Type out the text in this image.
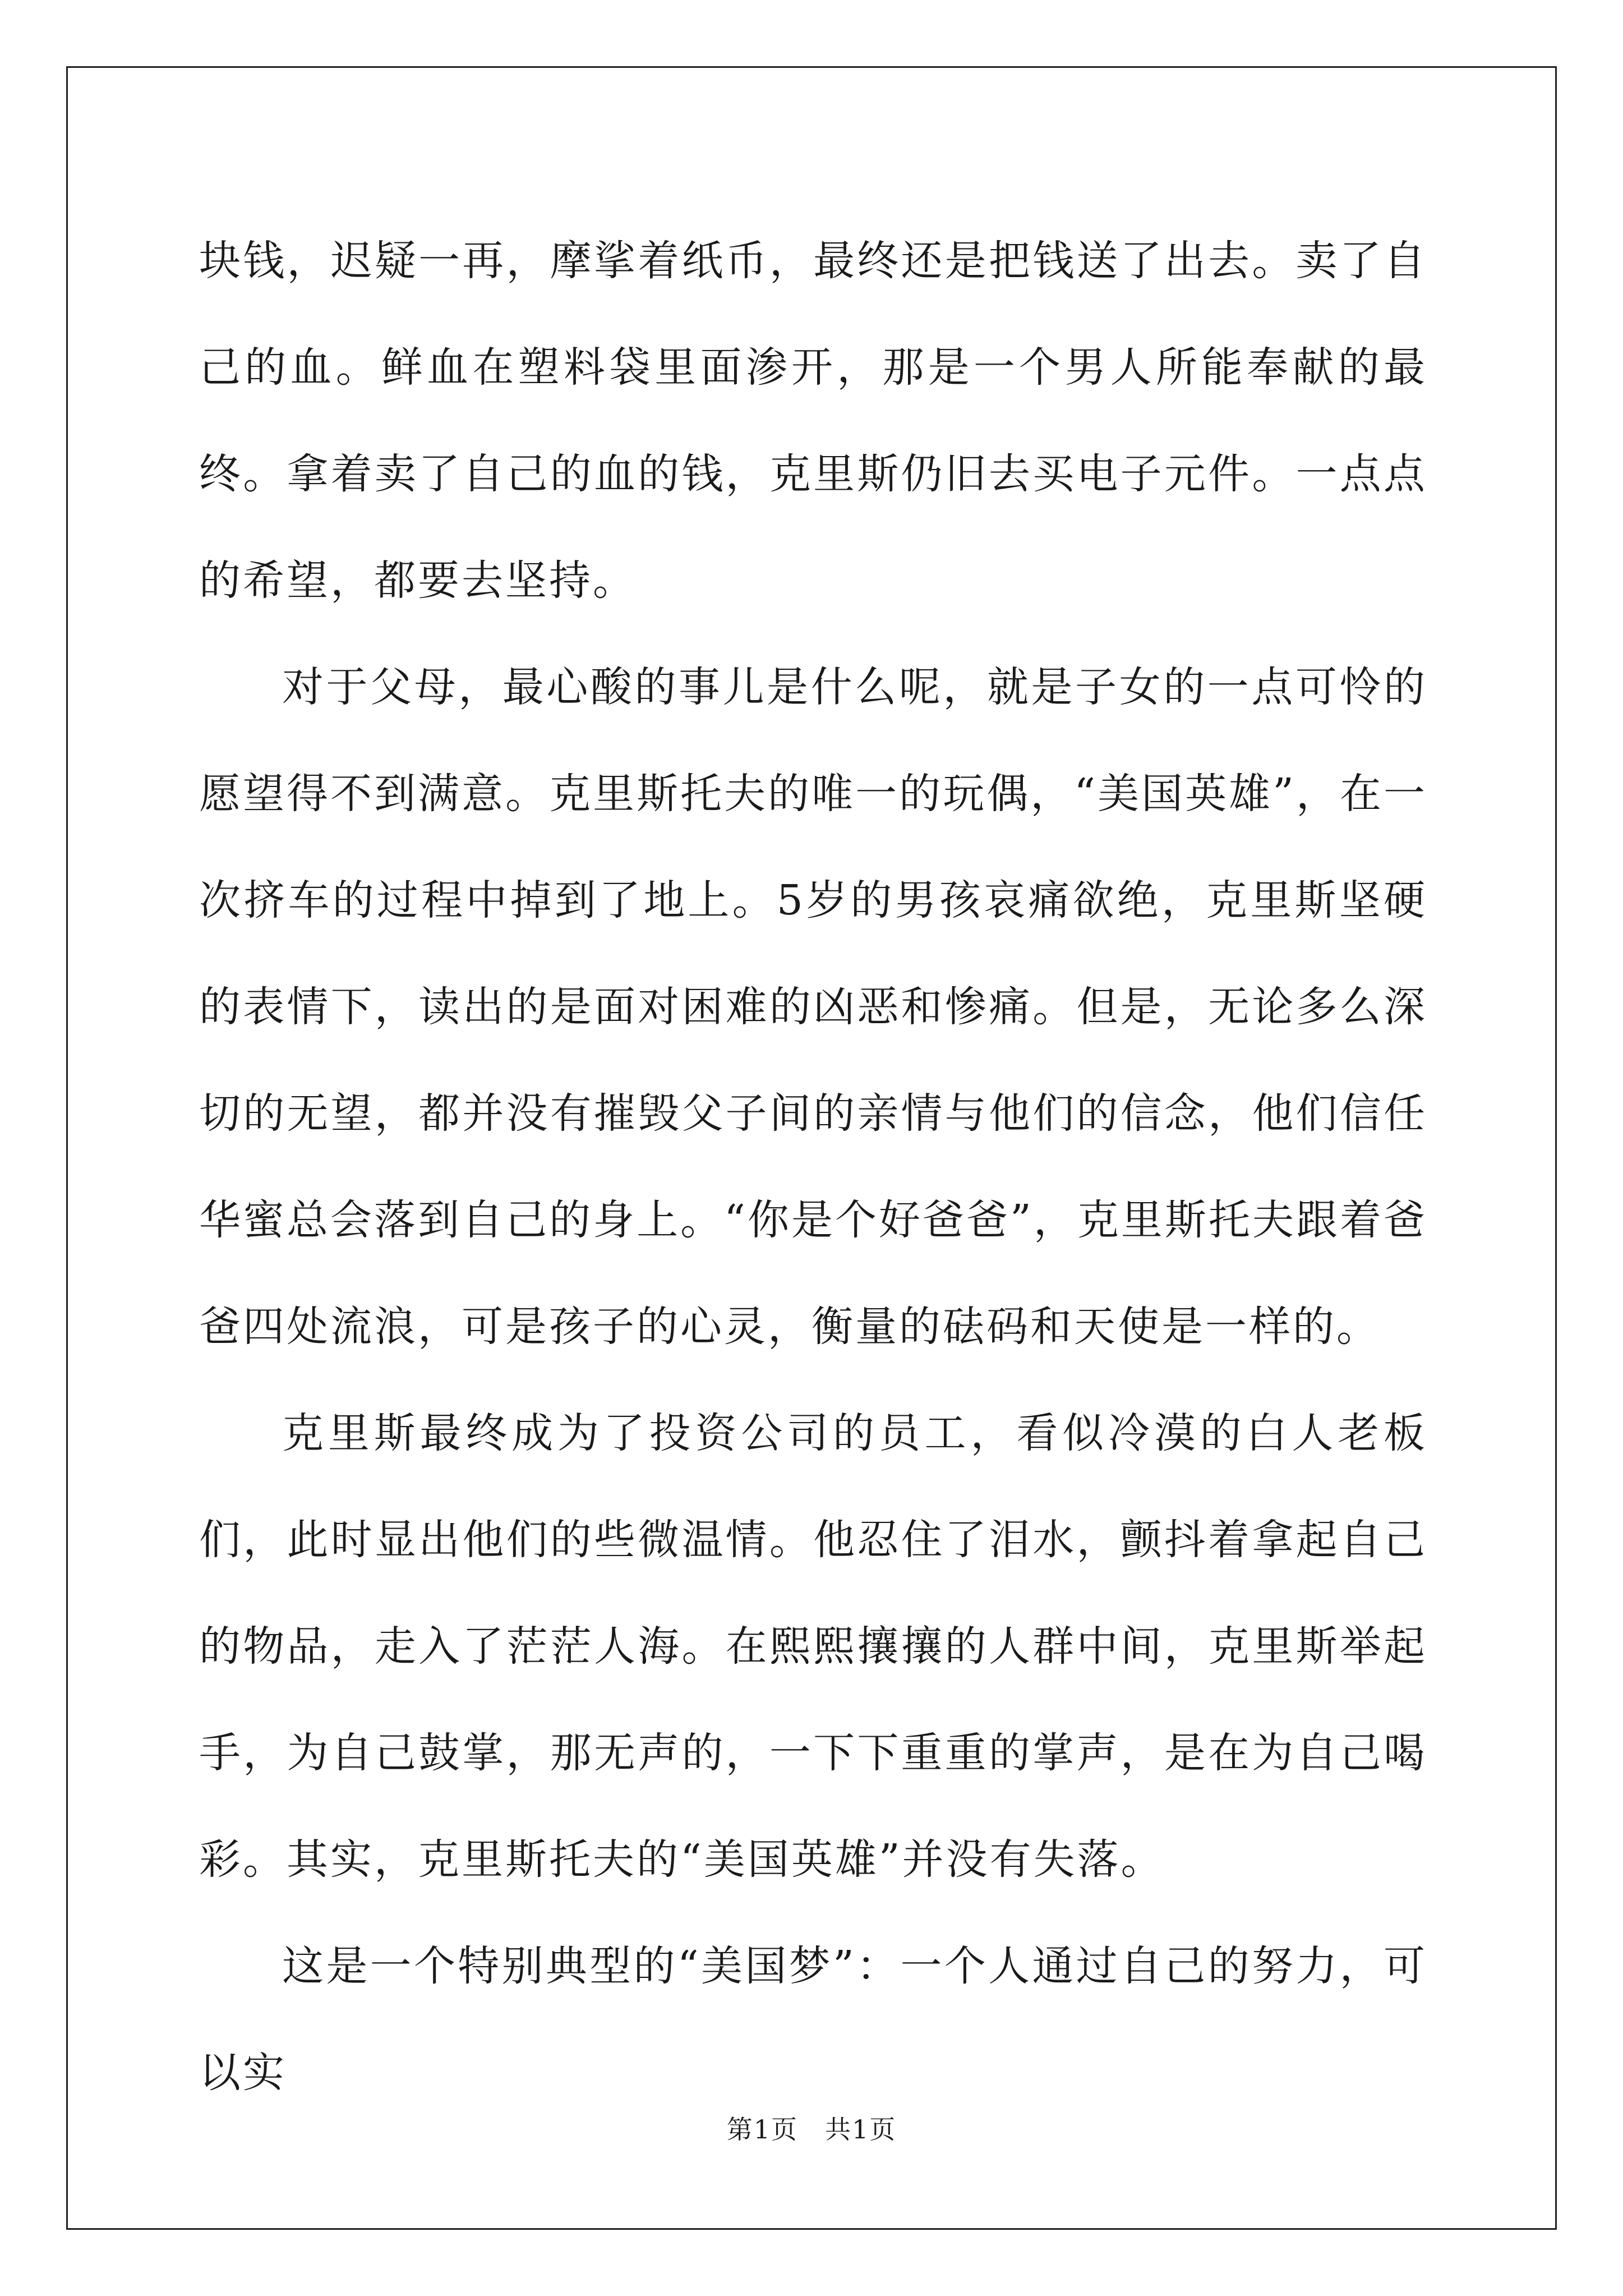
块钱，迟疑一再，摩挲着纸币，最终还是把钱送了出去。卖了自己的血。鲜血在塑料袋里面渗开，那是一个男人所能奉献的最终。拿着卖了自己的血的钱，克里斯仍旧去买电子元件。一点点的希望，都要去坚持。

对于父母，最心酸的事儿是什么呢，就是子女的一点可怜的愿望得不到满意。克里斯托夫的唯一的玩偶，“美国英雄”，在一次挤车的过程中掉到了地上。5岁的男孩哀痛欲绝，克里斯坚硬的表情下，读出的是面对困难的凶恶和惨痛。但是，无论多么深切的无望，都并没有摧毁父子间的亲情与他们的信念，他们信任华蜜总会落到自己的身上。“你是个好爸爸”，克里斯托夫跟着爸爸四处流浪，可是孩子的心灵，衡量的砝码和天使是一样的。

克里斯最终成为了投资公司的员工，看似冷漠的白人老板们，此时显出他们的些微温情。他忍住了泪水，颤抖着拿起自己的物品，走入了茫茫人海。在熙熙攘攘的人群中间，克里斯举起手，为自己鼓掌，那无声的，一下下重重的掌声，是在为自己喝彩。其实，克里斯托夫的“美国英雄”并没有失落。

这是一个特别典型的“美国梦”：一个人通过自己的努力，可以实

第1页　共1页
